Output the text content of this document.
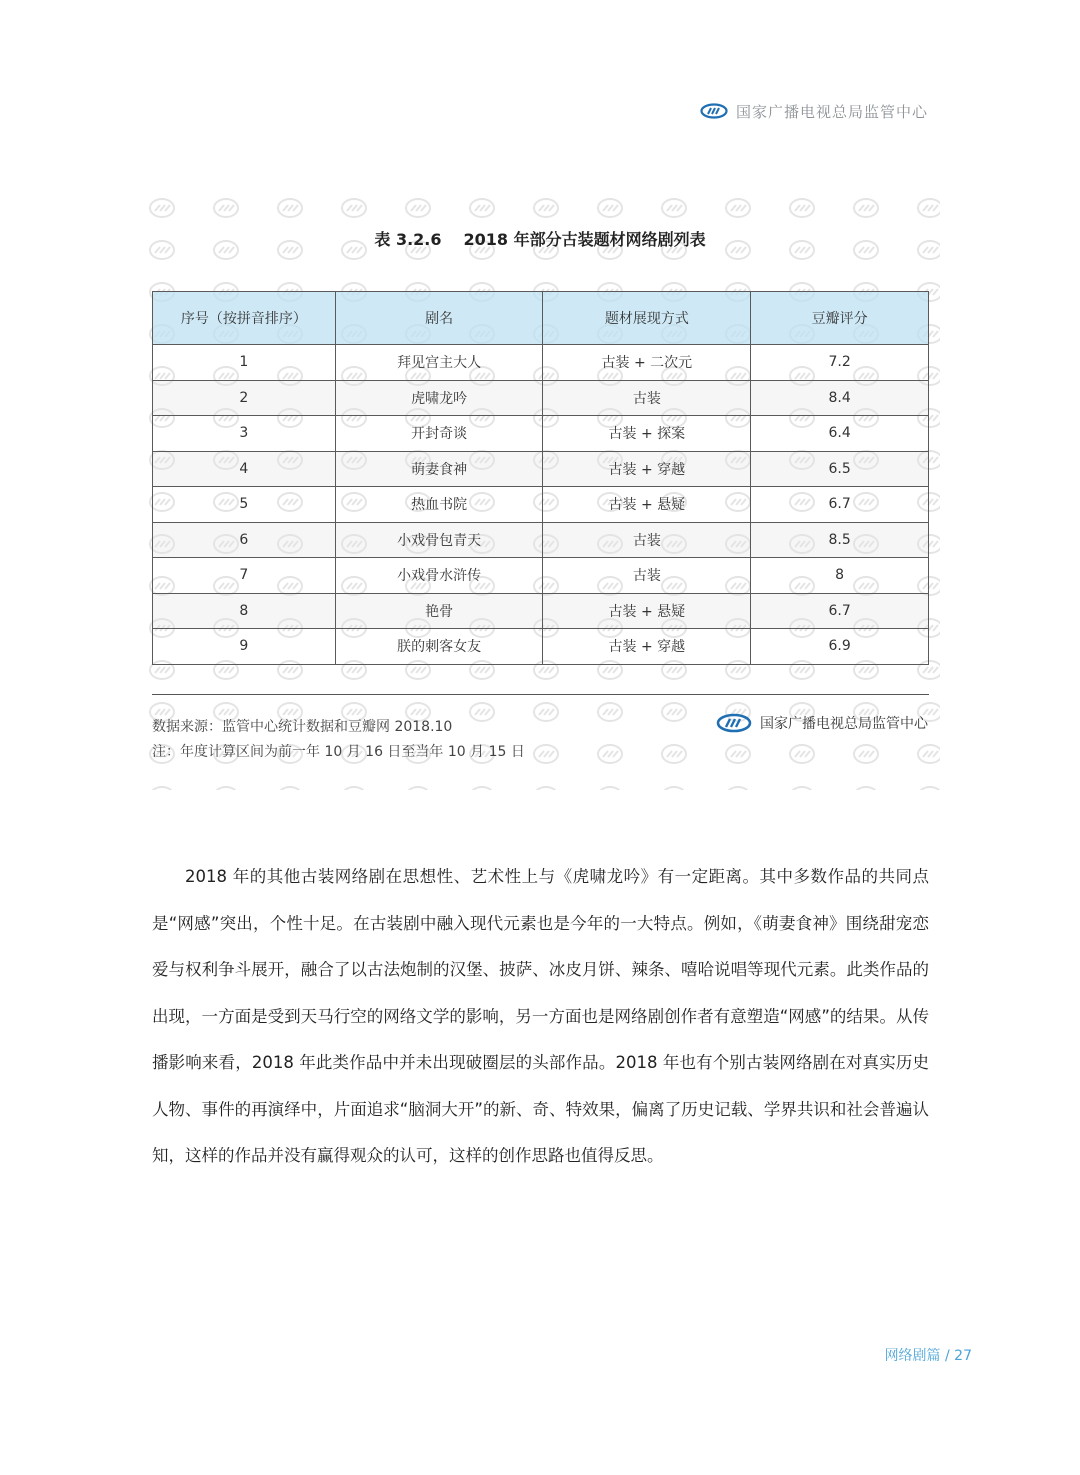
国家广播电视总局监管中心
表 3.2.6 2018 年部分古装题材网络剧列表
序号（按拼音排序）	剧名	题材展现方式	豆瓣评分
1	拜见宫主大人	古装 + 二次元	7.2
2	虎啸龙吟	古装	8.4
3	开封奇谈	古装 + 探案	6.4
4	萌妻食神	古装 + 穿越	6.5
5	热血书院	古装 + 悬疑	6.7
6	小戏骨包青天	古装	8.5
7	小戏骨水浒传	古装	8
8	艳骨	古装 + 悬疑	6.7
9	朕的刺客女友	古装 + 穿越	6.9
数据来源：监管中心统计数据和豆瓣网 2018.10
注：年度计算区间为前一年 10 月 16 日至当年 10 月 15 日
国家广播电视总局监管中心

2018 年的其他古装网络剧在思想性、艺术性上与《虎啸龙吟》有一定距离。其中多数作品的共同点是“网感”突出，个性十足。在古装剧中融入现代元素也是今年的一大特点。例如，《萌妻食神》围绕甜宠恋爱与权利争斗展开，融合了以古法炮制的汉堡、披萨、冰皮月饼、辣条、嘻哈说唱等现代元素。此类作品的出现，一方面是受到天马行空的网络文学的影响，另一方面也是网络剧创作者有意塑造“网感”的结果。从传播影响来看，2018 年此类作品中并未出现破圈层的头部作品。2018 年也有个别古装网络剧在对真实历史人物、事件的再演绎中，片面追求“脑洞大开”的新、奇、特效果，偏离了历史记载、学界共识和社会普遍认知，这样的作品并没有赢得观众的认可，这样的创作思路也值得反思。

网络剧篇 / 27
